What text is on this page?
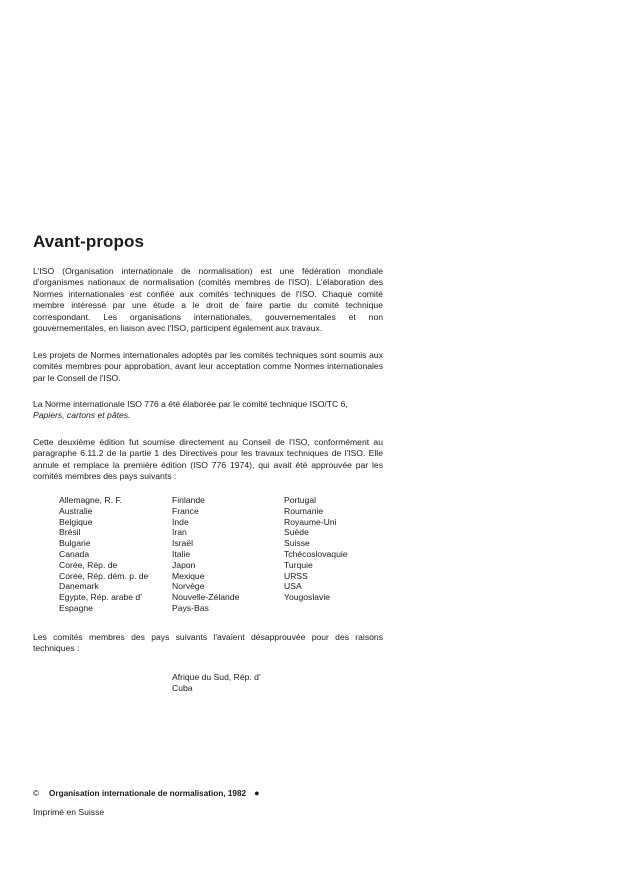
Avant-propos

L'ISO (Organisation internationale de normalisation) est une fédération mondiale d'organismes nationaux de normalisation (comités membres de l'ISO). L'élaboration des Normes internationales est confiée aux comités techniques de l'ISO. Chaque comité membre intéressé par une étude a le droit de faire partie du comité technique correspondant. Les organisations internationales, gouvernementales et non gouvernementales, en liaison avec l'ISO, participent également aux travaux.

Les projets de Normes internationales adoptés par les comités techniques sont soumis aux comités membres pour approbation, avant leur acceptation comme Normes internationales par le Conseil de l'ISO.

La Norme internationale ISO 776 a été élaborée par le comité technique ISO/TC 6,
Papiers, cartons et pâtes.

Cette deuxième édition fut soumise directement au Conseil de l'ISO, conformément au paragraphe 6.11.2 de la partie 1 des Directives pour les travaux techniques de l'ISO. Elle annule et remplace la première édition (ISO 776 1974), qui avait été approuvée par les comités membres des pays suivants :

Allemagne, R. F.
Australie
Belgique
Brésil
Bulgarie
Canada
Corée, Rép. de
Corée, Rép. dém. p. de
Danemark
Egypte, Rép. arabe d'
Espagne
Finlande
France
Inde
Iran
Israël
Italie
Japon
Mexique
Norvège
Nouvelle-Zélande
Pays-Bas
Portugal
Roumanie
Royaume-Uni
Suède
Suisse
Tchécoslovaquie
Turquie
URSS
USA
Yougoslavie

Les comités membres des pays suivants l'avaient désapprouvée pour des raisons techniques :

Afrique du Sud, Rép. d'
Cuba
© Organisation internationale de normalisation, 1982 ●
Imprimé en Suisse
